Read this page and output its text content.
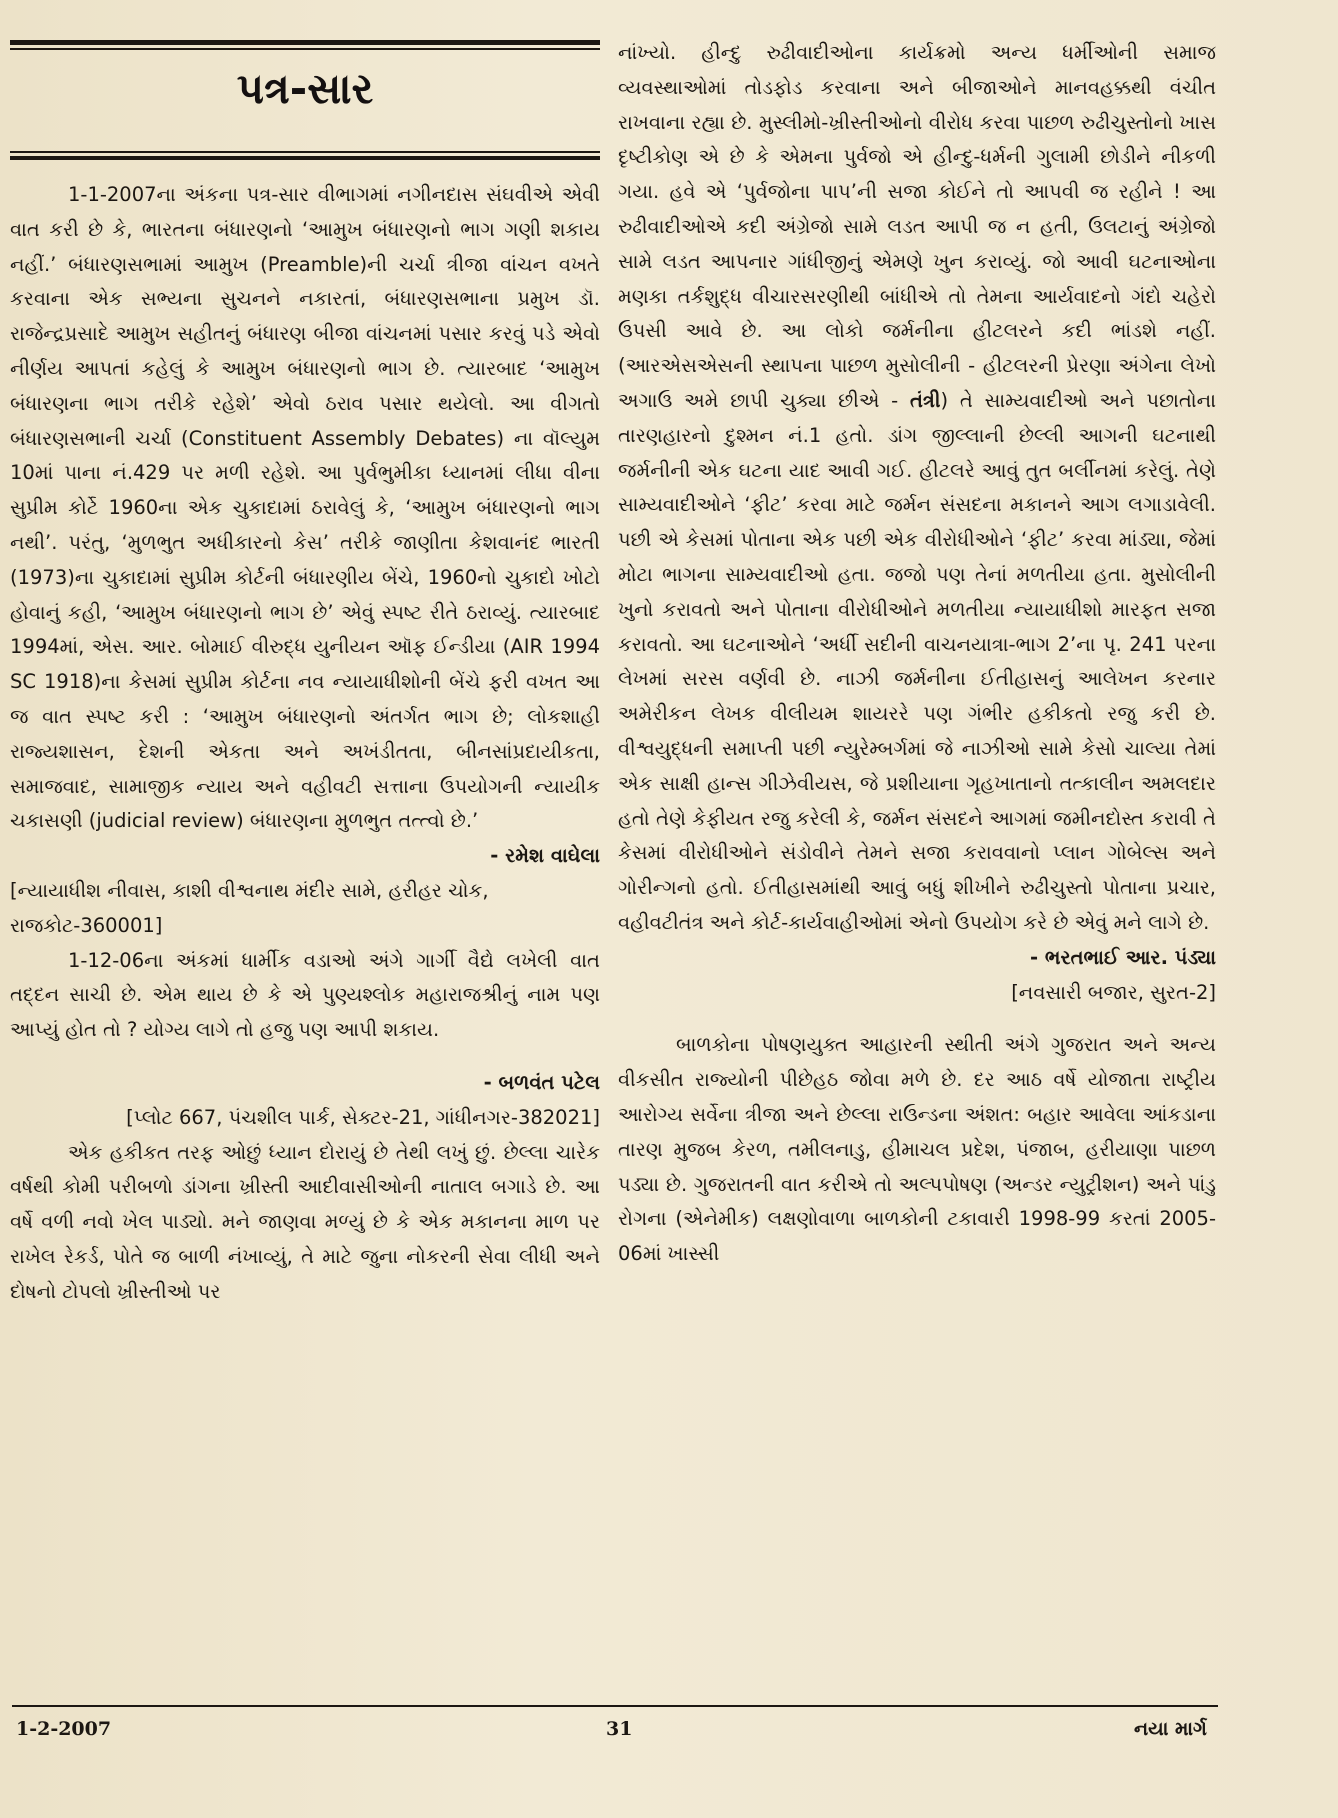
પત્ર-સાર

1-1-2007ના અંકના પત્ર-સાર વીભાગમાં નગીનદાસ સંઘવીએ એવી વાત કરી છે કે, ભારતના બંધારણનો ‘આમુખ બંધારણનો ભાગ ગણી શકાય નહીં.’ બંધારણસભામાં આમુખ (Preamble)ની ચર્ચા ત્રીજા વાંચન વખતે કરવાના એક સભ્યના સુચનને નકારતાં, બંધારણસભાના પ્રમુખ ડૉ. રાજેન્દ્રપ્રસાદે આમુખ સહીતનું બંધારણ બીજા વાંચનમાં પસાર કરવું પડે એવો નીર્ણય આપતાં કહેલું કે આમુખ બંધારણનો ભાગ છે. ત્યારબાદ ‘આમુખ બંધારણના ભાગ તરીકે રહેશે’ એવો ઠરાવ પસાર થયેલો. આ વીગતો બંધારણસભાની ચર્ચા (Constituent Assembly Debates) ના વૉલ્યુમ 10માં પાના નં.429 પર મળી રહેશે. આ પુર્વભુમીકા ધ્યાનમાં લીધા વીના સુપ્રીમ કોર્ટે 1960ના એક ચુકાદામાં ઠરાવેલું કે, ‘આમુખ બંધારણનો ભાગ નથી’. પરંતુ, ‘મુળભુત અધીકારનો કેસ’ તરીકે જાણીતા કેશવાનંદ ભારતી (1973)ના ચુકાદામાં સુપ્રીમ કોર્ટની બંધારણીય બેંચે, 1960નો ચુકાદો ખોટો હોવાનું કહી, ‘આમુખ બંધારણનો ભાગ છે’ એવું સ્પષ્ટ રીતે ઠરાવ્યું. ત્યારબાદ 1994માં, એસ. આર. બોમાઈ વીરુદ્ધ યુનીયન ઑફ ઈન્ડીયા (AIR 1994 SC 1918)ના કેસમાં સુપ્રીમ કોર્ટના નવ ન્યાયાધીશોની બેંચે ફરી વખત આ જ વાત સ્પષ્ટ કરી : ‘આમુખ બંધારણનો અંતર્ગત ભાગ છે; લોકશાહી રાજ્યશાસન, દેશની એકતા અને અખંડીતતા, બીનસાંપ્રદાયીકતા, સમાજવાદ, સામાજીક ન્યાય અને વહીવટી સત્તાના ઉપયોગની ન્યાયીક ચકાસણી (judicial review) બંધારણના મુળભુત તત્ત્વો છે.’

- રમેશ વાઘેલા

[ન્યાયાધીશ નીવાસ, કાશી વીશ્વનાથ મંદીર સામે, હરીહર ચોક, રાજકોટ-360001]

1-12-06ના અંકમાં ધાર્મીક વડાઓ અંગે ગાર્ગી વૈદ્યે લખેલી વાત તદ્દન સાચી છે. એમ થાય છે કે એ પુણ્યશ્લોક મહારાજશ્રીનું નામ પણ આપ્યું હોત તો ? યોગ્ય લાગે તો હજુ પણ આપી શકાય.

- બળવંત પટેલ

[પ્લોટ 667, પંચશીલ પાર્ક, સેક્ટર-21, ગાંધીનગર-382021]

એક હકીકત તરફ ઓછું ધ્યાન દોરાયું છે તેથી લખું છું. છેલ્લા ચારેક વર્ષથી કોમી પરીબળો ડાંગના ખ્રીસ્તી આદીવાસીઓની નાતાલ બગાડે છે. આ વર્ષે વળી નવો ખેલ પાડ્યો. મને જાણવા મળ્યું છે કે એક મકાનના માળ પર રાખેલ રેકર્ડ, પોતે જ બાળી નંખાવ્યું, તે માટે જુના નોકરની સેવા લીધી અને દોષનો ટોપલો ખ્રીસ્તીઓ પર

નાંખ્યો. હીન્દુ રુઢીવાદીઓના કાર્યક્રમો અન્ય ધર્મીઓની સમાજ વ્યવસ્થાઓમાં તોડફોડ કરવાના અને બીજાઓને માનવહક્કથી વંચીત રાખવાના રહ્યા છે. મુસ્લીમો-ખ્રીસ્તીઓનો વીરોધ કરવા પાછળ રુઢીચુસ્તોનો ખાસ દૃષ્ટીકોણ એ છે કે એમના પુર્વજો એ હીન્દુ-ધર્મની ગુલામી છોડીને નીકળી ગયા. હવે એ ‘પુર્વજોના પાપ’ની સજા કોઈને તો આપવી જ રહીને ! આ રુઢીવાદીઓએ કદી અંગ્રેજો સામે લડત આપી જ ન હતી, ઉલટાનું અંગ્રેજો સામે લડત આપનાર ગાંધીજીનું એમણે ખુન કરાવ્યું. જો આવી ઘટનાઓના મણકા તર્કશુદ્ધ વીચારસરણીથી બાંધીએ તો તેમના આર્યવાદનો ગંદો ચહેરો ઉપસી આવે છે. આ લોકો જર્મનીના હીટલરને કદી ભાંડશે નહીં. (આરએસએસની સ્થાપના પાછળ મુસોલીની - હીટલરની પ્રેરણા અંગેના લેખો અગાઉ અમે છાપી ચુક્યા છીએ - તંત્રી) તે સામ્યવાદીઓ અને પછાતોના તારણહારનો દુશ્મન નં.1 હતો. ડાંગ જીલ્લાની છેલ્લી આગની ઘટનાથી જર્મનીની એક ઘટના યાદ આવી ગઈ. હીટલરે આવું તુત બર્લીનમાં કરેલું. તેણે સામ્યવાદીઓને ‘ફીટ’ કરવા માટે જર્મન સંસદના મકાનને આગ લગાડાવેલી. પછી એ કેસમાં પોતાના એક પછી એક વીરોધીઓને ‘ફીટ’ કરવા માંડ્યા, જેમાં મોટા ભાગના સામ્યવાદીઓ હતા. જજો પણ તેનાં મળતીયા હતા. મુસોલીની ખુનો કરાવતો અને પોતાના વીરોધીઓને મળતીયા ન્યાયાધીશો મારફત સજા કરાવતો. આ ઘટનાઓને ‘અર્ધી સદીની વાચનયાત્રા-ભાગ 2’ના પૃ. 241 પરના લેખમાં સરસ વર્ણવી છે. નાઝી જર્મનીના ઈતીહાસનું આલેખન કરનાર અમેરીકન લેખક વીલીયમ શાયરરે પણ ગંભીર હકીકતો રજુ કરી છે. વીશ્વયુદ્ધની સમાપ્તી પછી ન્યુરેમ્બર્ગમાં જે નાઝીઓ સામે કેસો ચાલ્યા તેમાં એક સાક્ષી હાન્સ ગીઝેવીયસ, જે પ્રશીયાના ગૃહખાતાનો તત્કાલીન અમલદાર હતો તેણે કેફીયત રજુ કરેલી કે, જર્મન સંસદને આગમાં જમીનદોસ્ત કરાવી તે કેસમાં વીરોધીઓને સંડોવીને તેમને સજા કરાવવાનો પ્લાન ગોબેલ્સ અને ગોરીન્ગનો હતો. ઈતીહાસમાંથી આવું બધું શીખીને રુઢીચુસ્તો પોતાના પ્રચાર, વહીવટીતંત્ર અને કોર્ટ-કાર્યવાહીઓમાં એનો ઉપયોગ કરે છે એવું મને લાગે છે.

- ભરતભાઈ આર. પંડ્યા

[નવસારી બજાર, સુરત-2]

બાળકોના પોષણયુક્ત આહારની સ્થીતી અંગે ગુજરાત અને અન્ય વીકસીત રાજ્યોની પીછેહઠ જોવા મળે છે. દર આઠ વર્ષે યોજાતા રાષ્ટ્રીય આરોગ્ય સર્વેના ત્રીજા અને છેલ્લા રાઉન્ડના અંશત: બહાર આવેલા આંકડાના તારણ મુજબ કેરળ, તમીલનાડુ, હીમાચલ પ્રદેશ, પંજાબ, હરીયાણા પાછળ પડ્યા છે. ગુજરાતની વાત કરીએ તો અલ્પપોષણ (અન્ડર ન્યુટ્રીશન) અને પાંડુ રોગના (એનેમીક) લક્ષણોવાળા બાળકોની ટકાવારી 1998-99 કરતાં 2005-06માં ખાસ્સી

1-2-2007	31	નયા માર્ગ
